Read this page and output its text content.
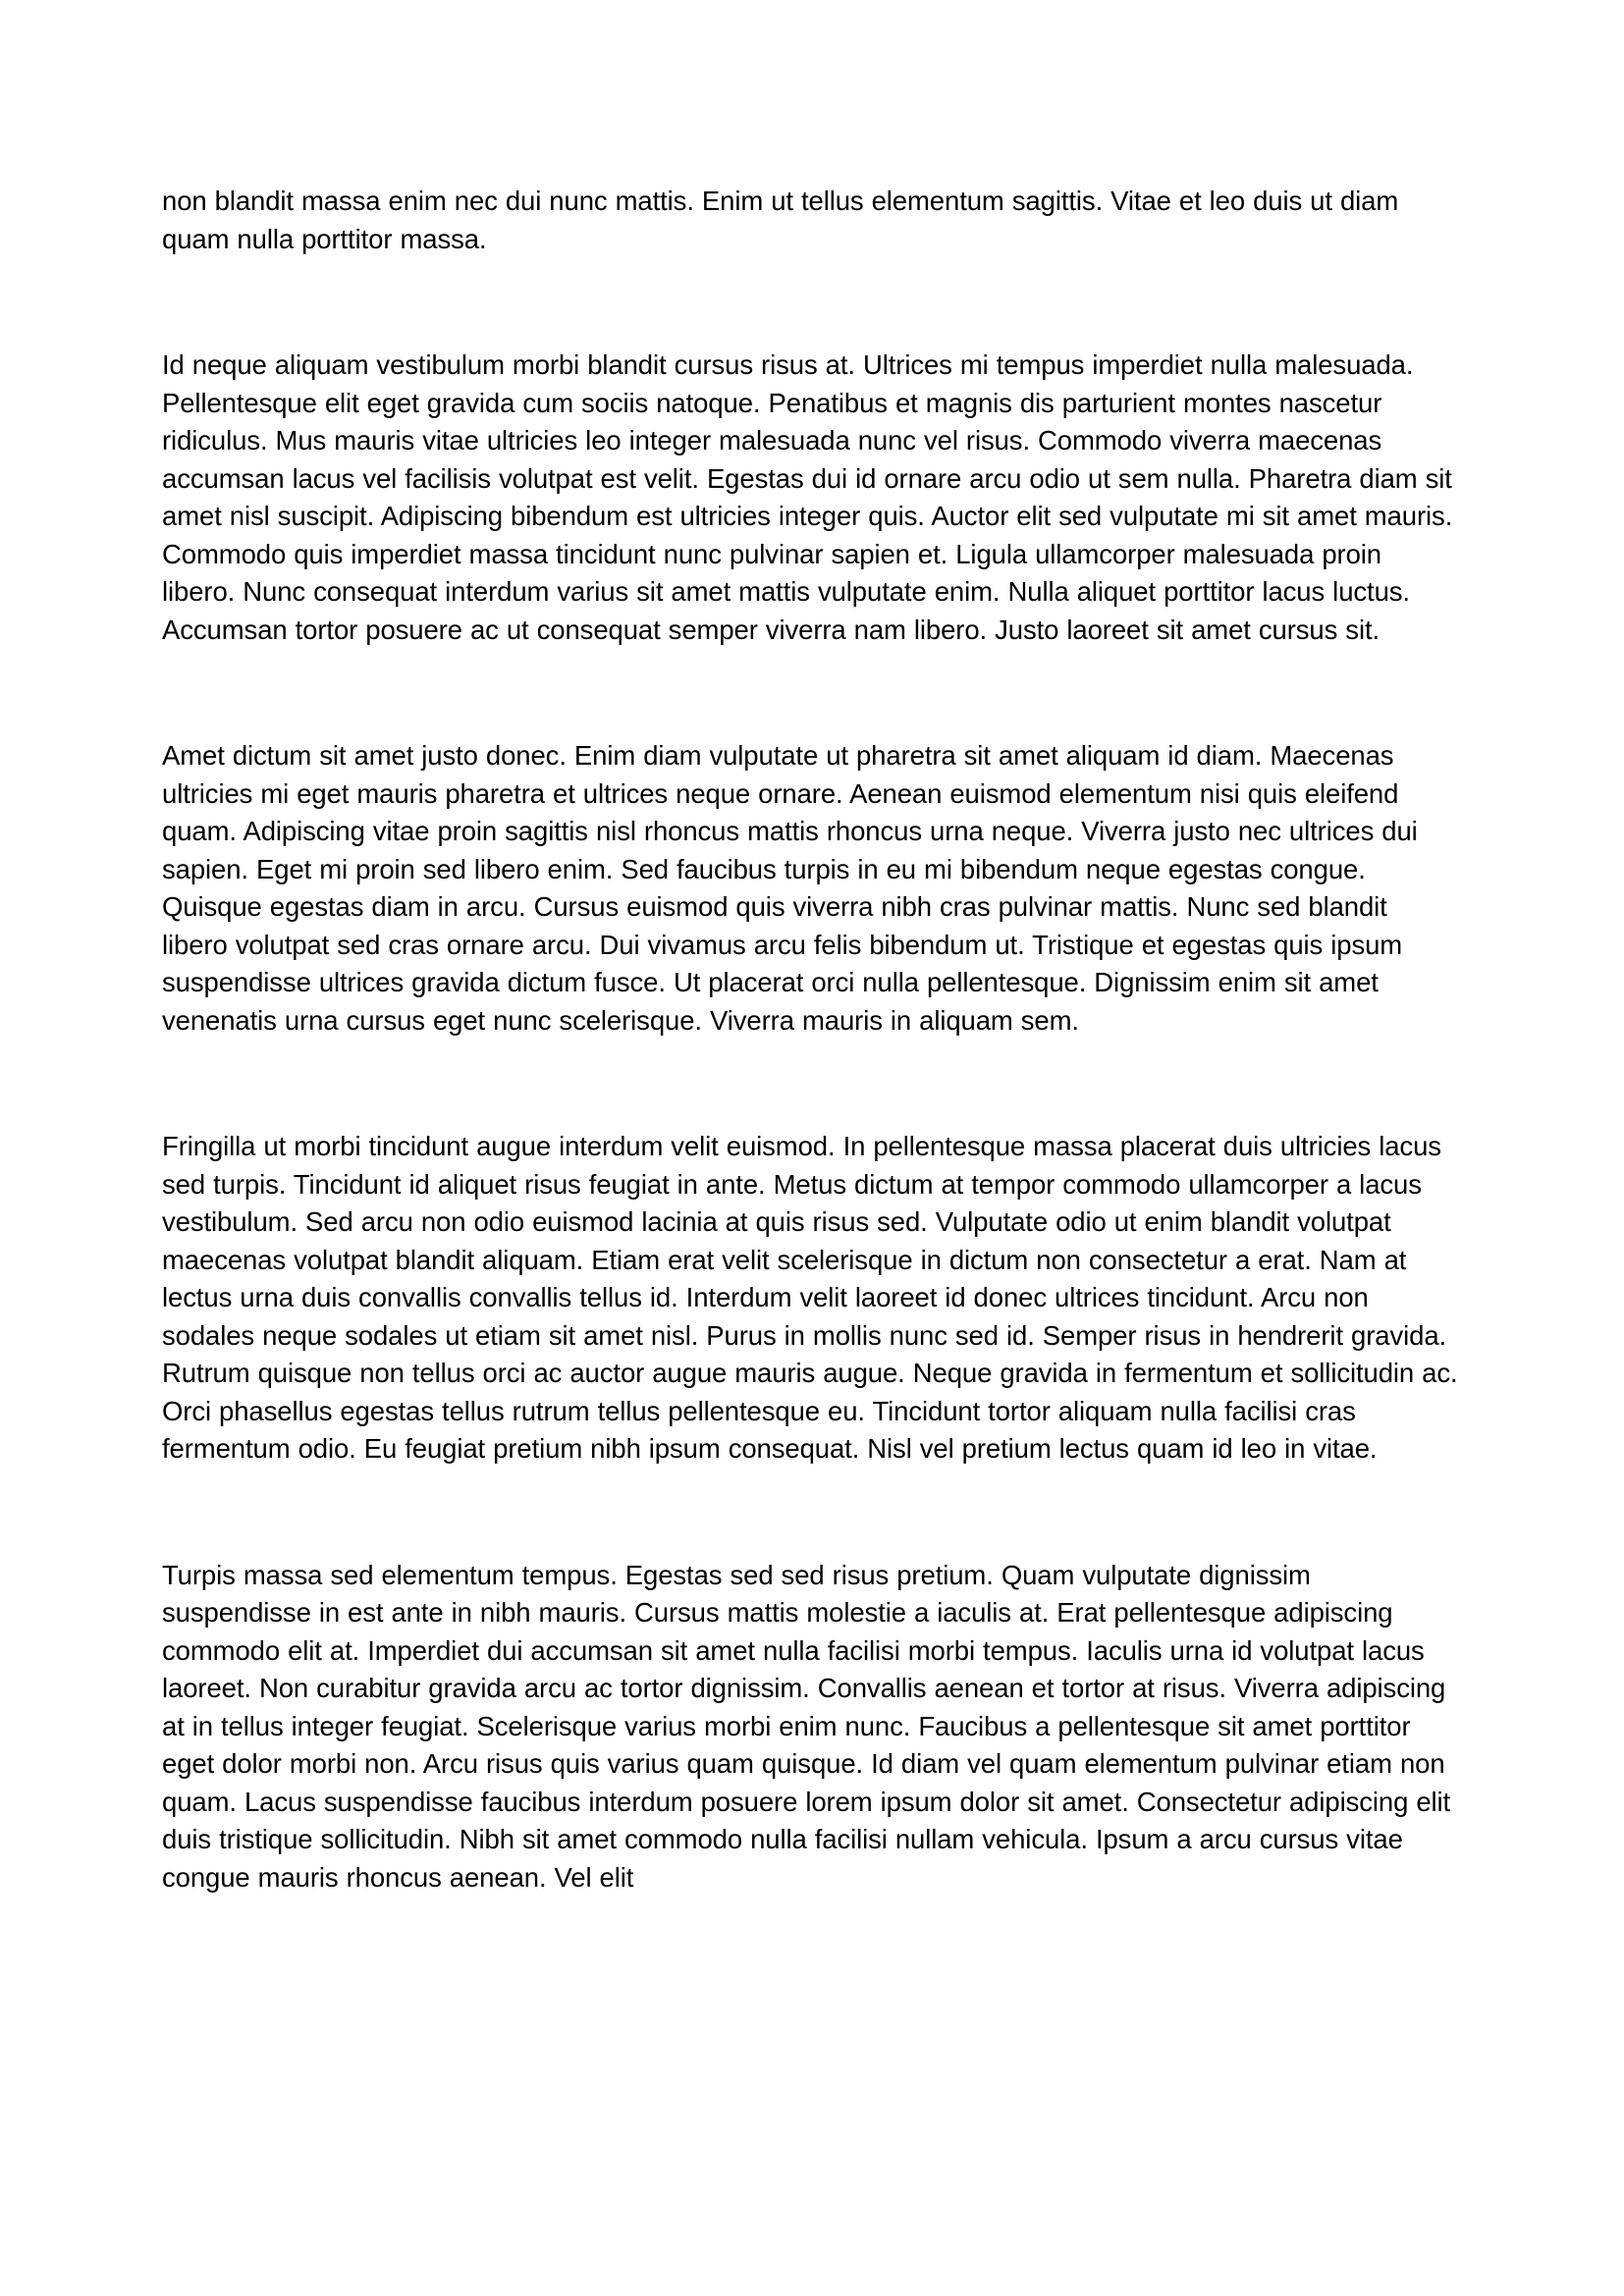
non blandit massa enim nec dui nunc mattis. Enim ut tellus elementum sagittis. Vitae et leo duis ut diam quam nulla porttitor massa.

Id neque aliquam vestibulum morbi blandit cursus risus at. Ultrices mi tempus imperdiet nulla malesuada. Pellentesque elit eget gravida cum sociis natoque. Penatibus et magnis dis parturient montes nascetur ridiculus. Mus mauris vitae ultricies leo integer malesuada nunc vel risus. Commodo viverra maecenas accumsan lacus vel facilisis volutpat est velit. Egestas dui id ornare arcu odio ut sem nulla. Pharetra diam sit amet nisl suscipit. Adipiscing bibendum est ultricies integer quis. Auctor elit sed vulputate mi sit amet mauris. Commodo quis imperdiet massa tincidunt nunc pulvinar sapien et. Ligula ullamcorper malesuada proin libero. Nunc consequat interdum varius sit amet mattis vulputate enim. Nulla aliquet porttitor lacus luctus. Accumsan tortor posuere ac ut consequat semper viverra nam libero. Justo laoreet sit amet cursus sit.

Amet dictum sit amet justo donec. Enim diam vulputate ut pharetra sit amet aliquam id diam. Maecenas ultricies mi eget mauris pharetra et ultrices neque ornare. Aenean euismod elementum nisi quis eleifend quam. Adipiscing vitae proin sagittis nisl rhoncus mattis rhoncus urna neque. Viverra justo nec ultrices dui sapien. Eget mi proin sed libero enim. Sed faucibus turpis in eu mi bibendum neque egestas congue. Quisque egestas diam in arcu. Cursus euismod quis viverra nibh cras pulvinar mattis. Nunc sed blandit libero volutpat sed cras ornare arcu. Dui vivamus arcu felis bibendum ut. Tristique et egestas quis ipsum suspendisse ultrices gravida dictum fusce. Ut placerat orci nulla pellentesque. Dignissim enim sit amet venenatis urna cursus eget nunc scelerisque. Viverra mauris in aliquam sem.

Fringilla ut morbi tincidunt augue interdum velit euismod. In pellentesque massa placerat duis ultricies lacus sed turpis. Tincidunt id aliquet risus feugiat in ante. Metus dictum at tempor commodo ullamcorper a lacus vestibulum. Sed arcu non odio euismod lacinia at quis risus sed. Vulputate odio ut enim blandit volutpat maecenas volutpat blandit aliquam. Etiam erat velit scelerisque in dictum non consectetur a erat. Nam at lectus urna duis convallis convallis tellus id. Interdum velit laoreet id donec ultrices tincidunt. Arcu non sodales neque sodales ut etiam sit amet nisl. Purus in mollis nunc sed id. Semper risus in hendrerit gravida. Rutrum quisque non tellus orci ac auctor augue mauris augue. Neque gravida in fermentum et sollicitudin ac. Orci phasellus egestas tellus rutrum tellus pellentesque eu. Tincidunt tortor aliquam nulla facilisi cras fermentum odio. Eu feugiat pretium nibh ipsum consequat. Nisl vel pretium lectus quam id leo in vitae.

Turpis massa sed elementum tempus. Egestas sed sed risus pretium. Quam vulputate dignissim suspendisse in est ante in nibh mauris. Cursus mattis molestie a iaculis at. Erat pellentesque adipiscing commodo elit at. Imperdiet dui accumsan sit amet nulla facilisi morbi tempus. Iaculis urna id volutpat lacus laoreet. Non curabitur gravida arcu ac tortor dignissim. Convallis aenean et tortor at risus. Viverra adipiscing at in tellus integer feugiat. Scelerisque varius morbi enim nunc. Faucibus a pellentesque sit amet porttitor eget dolor morbi non. Arcu risus quis varius quam quisque. Id diam vel quam elementum pulvinar etiam non quam. Lacus suspendisse faucibus interdum posuere lorem ipsum dolor sit amet. Consectetur adipiscing elit duis tristique sollicitudin. Nibh sit amet commodo nulla facilisi nullam vehicula. Ipsum a arcu cursus vitae congue mauris rhoncus aenean. Vel elit
